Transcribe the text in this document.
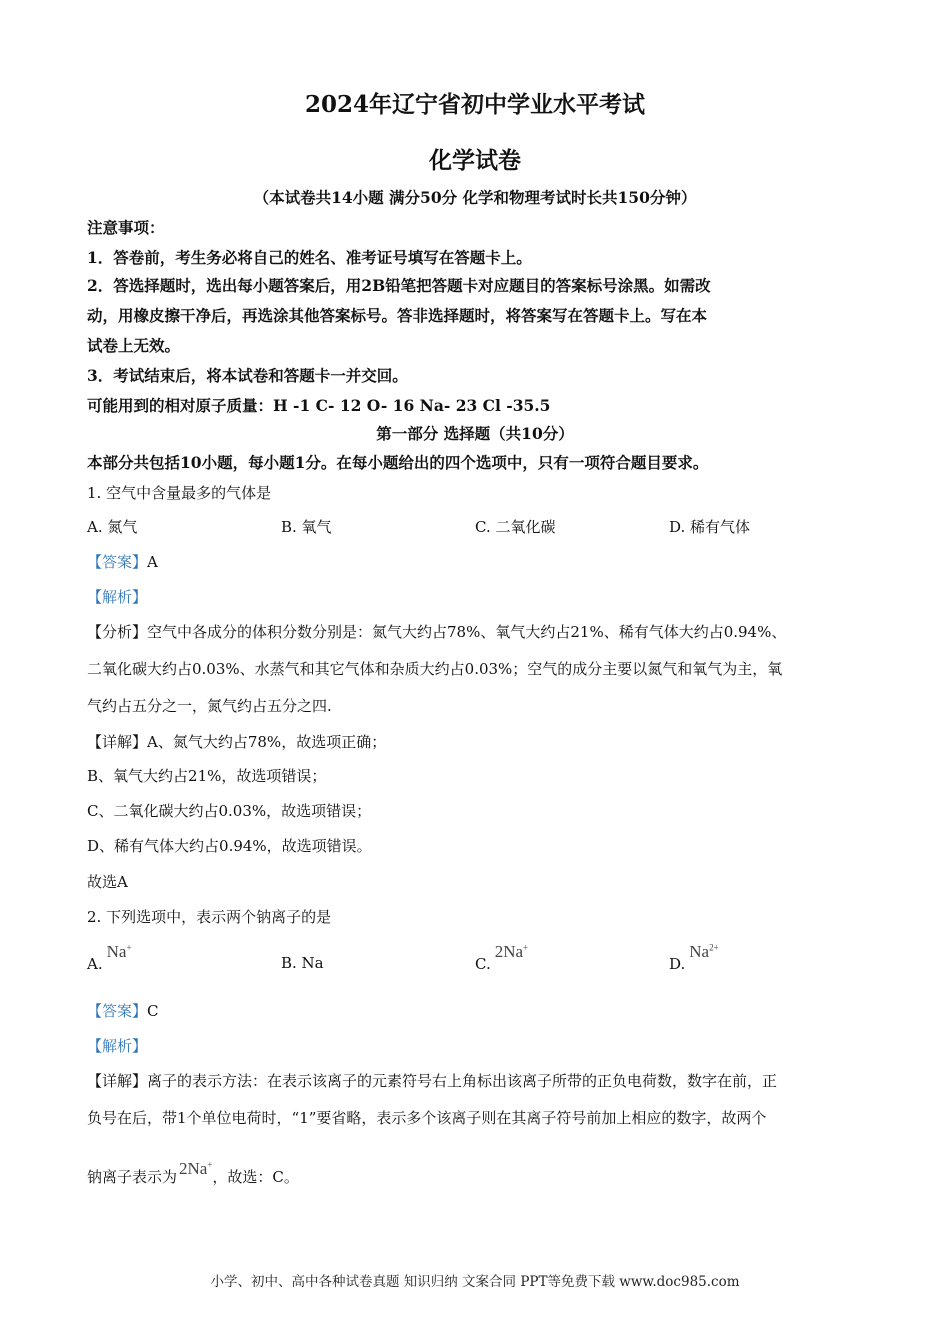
2024年辽宁省初中学业水平考试
化学试卷
（本试卷共14小题 满分50分 化学和物理考试时长共150分钟）
注意事项：
1．答卷前，考生务必将自己的姓名、准考证号填写在答题卡上。
2．答选择题时，选出每小题答案后，用2B铅笔把答题卡对应题目的答案标号涂黑。如需改
动，用橡皮擦干净后，再选涂其他答案标号。答非选择题时，将答案写在答题卡上。写在本
试卷上无效。
3．考试结束后，将本试卷和答题卡一并交回。
可能用到的相对原子质量：H -1 C- 12 O- 16 Na- 23 Cl -35.5
第一部分 选择题（共10分）
本部分共包括10小题，每小题1分。在每小题给出的四个选项中，只有一项符合题目要求。
1. 空气中含量最多的气体是
A. 氮气	B. 氧气	C. 二氧化碳	D. 稀有气体
【答案】A
【解析】
【分析】空气中各成分的体积分数分别是：氮气大约占78%、氧气大约占21%、稀有气体大约占0.94%、
二氧化碳大约占0.03%、水蒸气和其它气体和杂质大约占0.03%；空气的成分主要以氮气和氧气为主，氧
气约占五分之一，氮气约占五分之四.
【详解】A、氮气大约占78%，故选项正确；
B、氧气大约占21%，故选项错误；
C、二氧化碳大约占0.03%，故选项错误；
D、稀有气体大约占0.94%，故选项错误。
故选A
2. 下列选项中，表示两个钠离子的是
A.Na+
B. Na	C.2Na+
$D.Na^{2+}$
【答案】C
【解析】
【详解】离子的表示方法：在表示该离子的元素符号右上角标出该离子所带的正负电荷数，数字在前，正
负号在后，带1个单位电荷时，“1”要省略，表示多个该离子则在其离子符号前加上相应的数字，故两个
钠离子表示为 2Na+，故选：C。
小学、初中、高中各种试卷真题 知识归纳 文案合同 PPT等免费下载 www.doc985.com
